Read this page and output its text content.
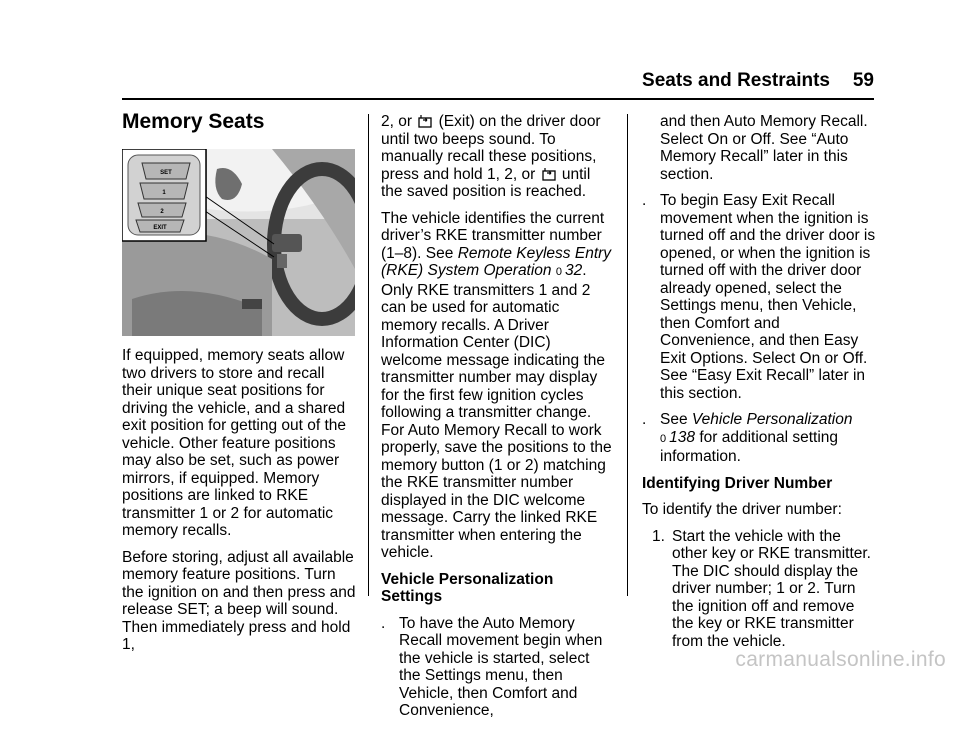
Seats and Restraints 59
Memory Seats
SET
1
2
EXIT

If equipped, memory seats allow two drivers to store and recall their unique seat positions for driving the vehicle, and a shared exit position for getting out of the vehicle. Other feature positions may also be set, such as power mirrors, if equipped. Memory positions are linked to RKE transmitter 1 or 2 for automatic memory recalls.

Before storing, adjust all available memory feature positions. Turn the ignition on and then press and release SET; a beep will sound. Then immediately press and hold 1,

2, or (Exit) on the driver door until two beeps sound. To manually recall these positions, press and hold 1, 2, or until the saved position is reached.

The vehicle identifies the current driver’s RKE transmitter number (1–8). See Remote Keyless Entry (RKE) System Operation 0 32. Only RKE transmitters 1 and 2 can be used for automatic memory recalls. A Driver Information Center (DIC) welcome message indicating the transmitter number may display for the first few ignition cycles following a transmitter change. For Auto Memory Recall to work properly, save the positions to the memory button (1 or 2) matching the RKE transmitter number displayed in the DIC welcome message. Carry the linked RKE transmitter when entering the vehicle.

Vehicle Personalization Settings

. To have the Auto Memory Recall movement begin when the vehicle is started, select the Settings menu, then Vehicle, then Comfort and Convenience,

and then Auto Memory Recall. Select On or Off. See “Auto Memory Recall” later in this section.

. To begin Easy Exit Recall movement when the ignition is turned off and the driver door is opened, or when the ignition is turned off with the driver door already opened, select the Settings menu, then Vehicle, then Comfort and Convenience, and then Easy Exit Options. Select On or Off. See “Easy Exit Recall” later in this section.
. See Vehicle Personalization
0 138 for additional setting information.

Identifying Driver Number

To identify the driver number:

1. Start the vehicle with the other key or RKE transmitter. The DIC should display the driver number; 1 or 2. Turn the ignition off and remove the key or RKE transmitter from the vehicle.
carmanualsonline.info
